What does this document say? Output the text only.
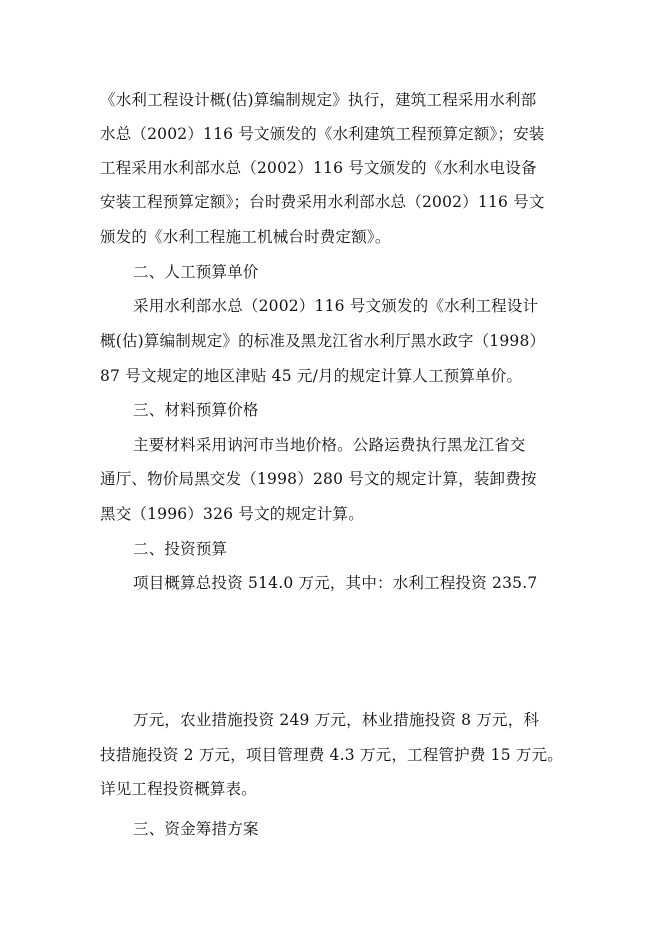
《水利工程设计概(估)算编制规定》执行，建筑工程采用水利部
水总（2002）116 号文颁发的《水利建筑工程预算定额》；安装
工程采用水利部水总（2002）116 号文颁发的《水利水电设备
安装工程预算定额》；台时费采用水利部水总（2002）116 号文
颁发的《水利工程施工机械台时费定额》。
二、人工预算单价
采用水利部水总（2002）116 号文颁发的《水利工程设计
概(估)算编制规定》的标准及黑龙江省水利厅黑水政字（1998）
87 号文规定的地区津贴 45 元/月的规定计算人工预算单价。
三、材料预算价格
主要材料采用讷河市当地价格。公路运费执行黑龙江省交
通厅、物价局黑交发（1998）280 号文的规定计算，装卸费按
黑交（1996）326 号文的规定计算。
二、投资预算
项目概算总投资 514.0 万元，其中：水利工程投资 235.7
万元，农业措施投资 249 万元，林业措施投资 8 万元，科
技措施投资 2 万元，项目管理费 4.3 万元，工程管护费 15 万元。
详见工程投资概算表。
三、资金筹措方案
